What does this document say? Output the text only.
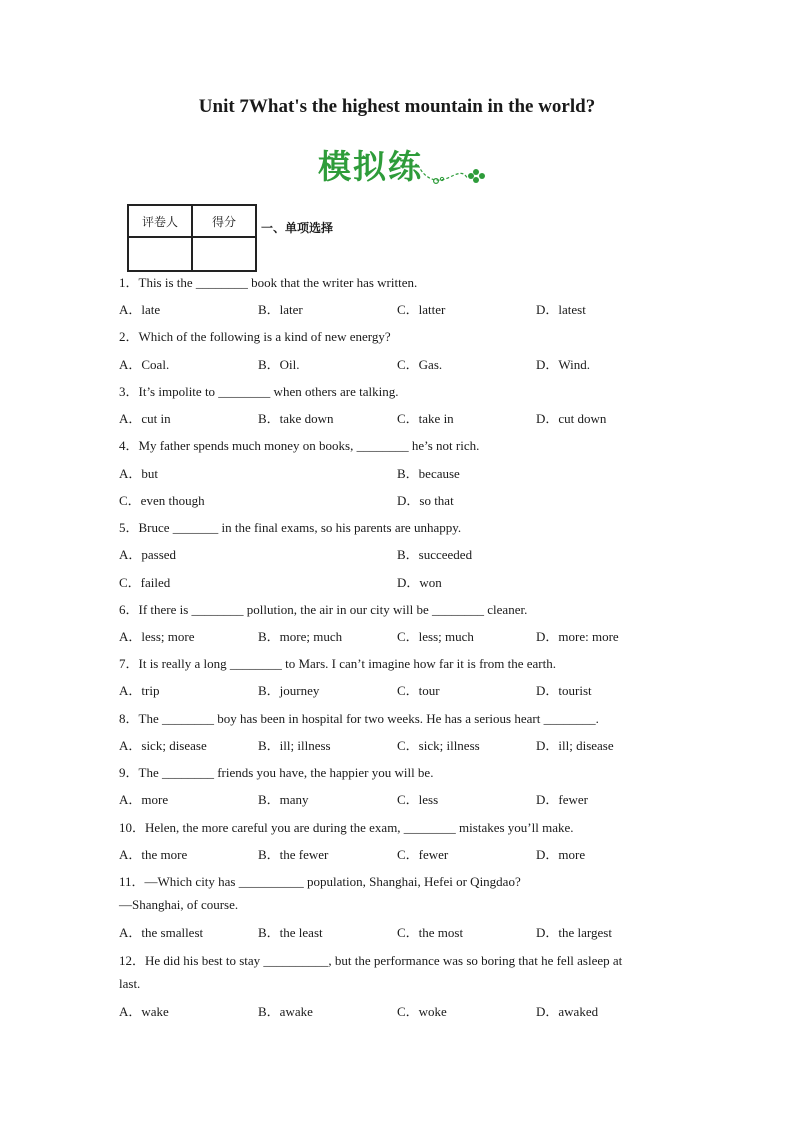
Unit 7What's the highest mountain in the world?
模拟练
评卷人	得分
	一、单项选择
1．This is the ________ book that the writer has written.
A．late	B．later	C．latter	D．latest
2．Which of the following is a kind of new energy?
A．Coal.	B．Oil.	C．Gas.	D．Wind.
3．It’s impolite to ________ when others are talking.
A．cut in	B．take down	C．take in	D．cut down
4．My father spends much money on books, ________ he’s not rich.
A．but	B．because
C．even though	D．so that
5．Bruce _______ in the final exams, so his parents are unhappy.
A．passed	B．succeeded
C．failed	D．won
6．If there is ________ pollution, the air in our city will be ________ cleaner.
A．less; more	B．more; much	C．less; much	D．more: more
7．It is really a long ________ to Mars. I can’t imagine how far it is from the earth.
A．trip	B．journey	C．tour	D．tourist
8．The ________ boy has been in hospital for two weeks. He has a serious heart ________.
A．sick; disease	B．ill; illness	C．sick; illness	D．ill; disease
9．The ________ friends you have, the happier you will be.
A．more	B．many	C．less	D．fewer
10．Helen, the more careful you are during the exam, ________ mistakes you’ll make.
A．the more	B．the fewer	C．fewer	D．more
11．—Which city has __________ population, Shanghai, Hefei or Qingdao?
—Shanghai, of course.
A．the smallest	B．the least	C．the most	D．the largest
12．He did his best to stay __________, but the performance was so boring that he fell asleep at
last.
A．wake	B．awake	C．woke	D．awaked
